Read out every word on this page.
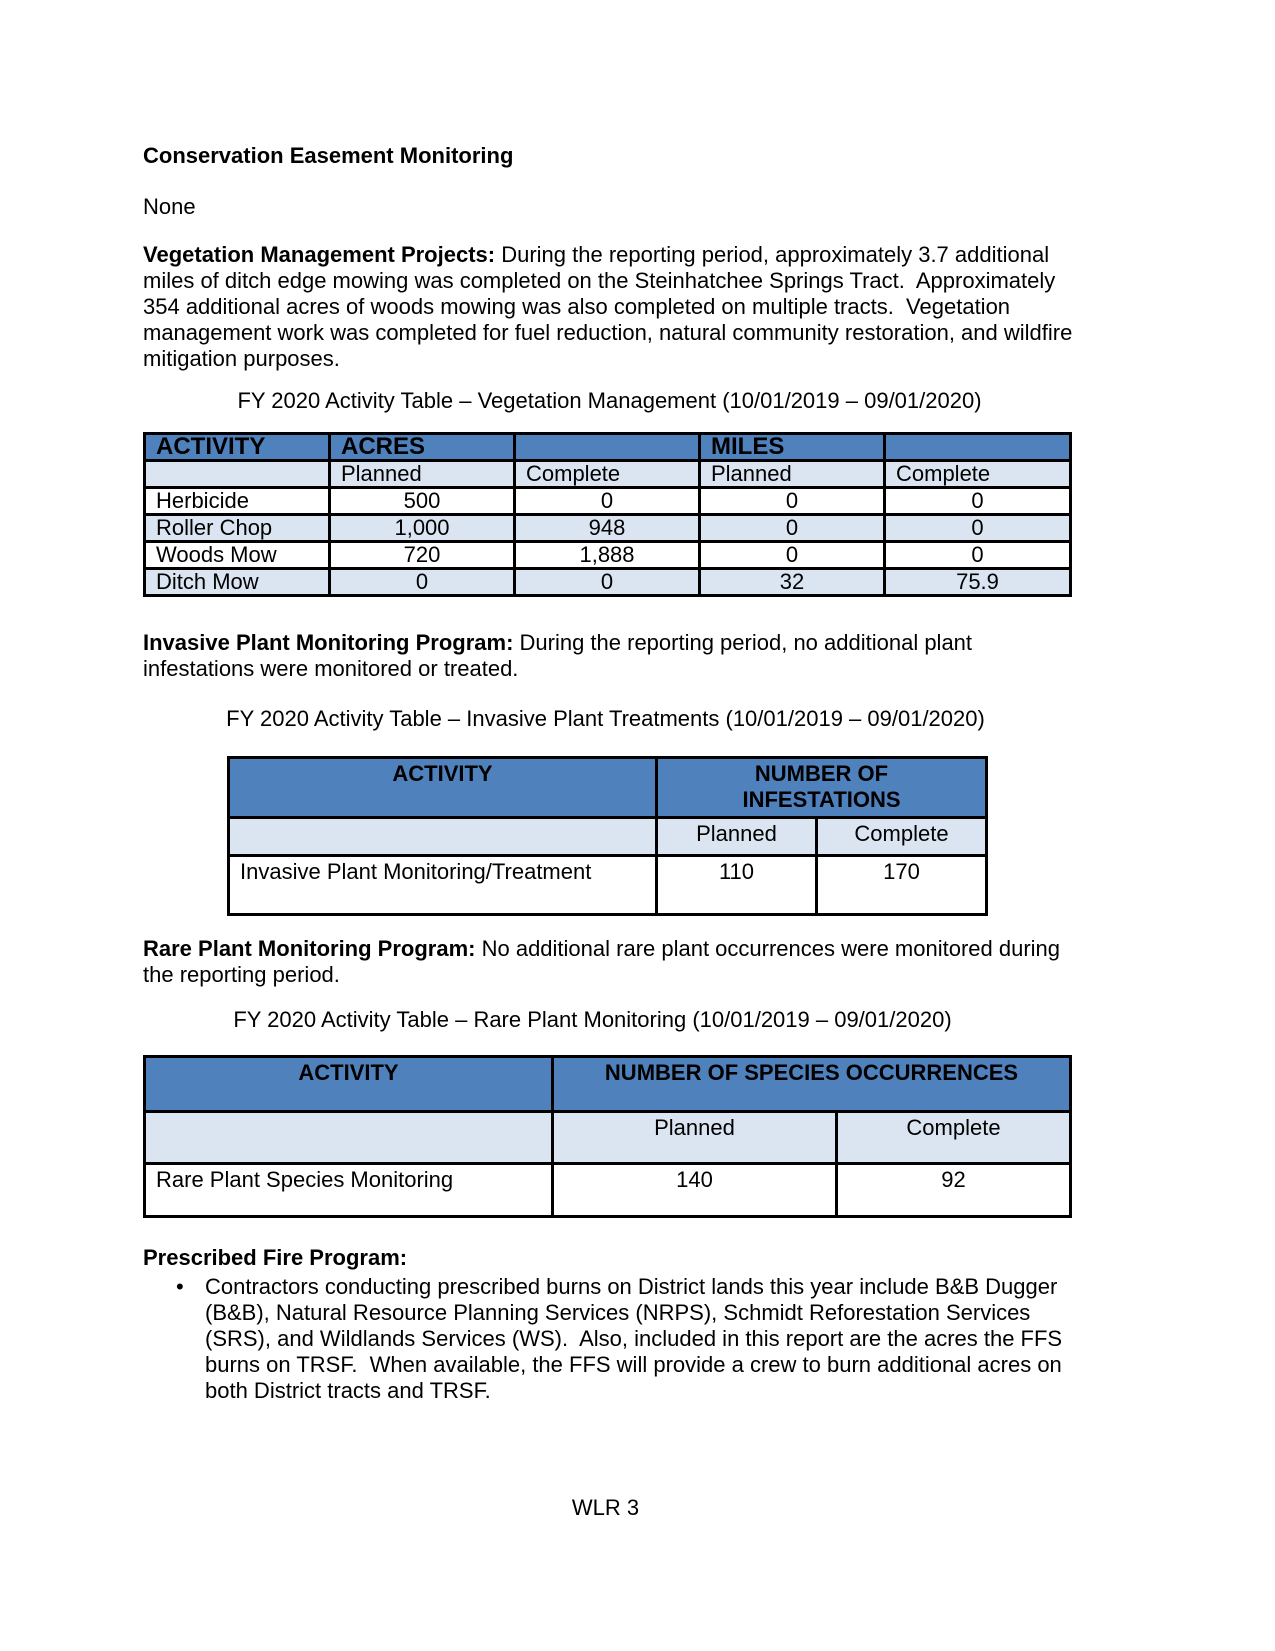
Conservation Easement Monitoring
None
Vegetation Management Projects: During the reporting period, approximately 3.7 additional
miles of ditch edge mowing was completed on the Steinhatchee Springs Tract.  Approximately
354 additional acres of woods mowing was also completed on multiple tracts.  Vegetation
management work was completed for fuel reduction, natural community restoration, and wildfire
mitigation purposes.
FY 2020 Activity Table – Vegetation Management (10/01/2019 – 09/01/2020)
ACTIVITY	ACRES		MILES	
	Planned	Complete	Planned	Complete
Herbicide	500	0	0	0
Roller Chop	1,000	948	0	0
Woods Mow	720	1,888	0	0
Ditch Mow	0	0	32	75.9
Invasive Plant Monitoring Program: During the reporting period, no additional plant
infestations were monitored or treated.
FY 2020 Activity Table – Invasive Plant Treatments (10/01/2019 – 09/01/2020)
ACTIVITY	NUMBER OF
INFESTATIONS	

	Planned	Complete
Invasive Plant Monitoring/Treatment	110	170
Rare Plant Monitoring Program: No additional rare plant occurrences were monitored during
the reporting period.
FY 2020 Activity Table – Rare Plant Monitoring (10/01/2019 – 09/01/2020)
ACTIVITY	NUMBER OF SPECIES OCCURRENCES	
	Planned	Complete
Rare Plant Species Monitoring	140	92
Prescribed Fire Program:
• Contractors conducting prescribed burns on District lands this year include B&B Dugger
(B&B), Natural Resource Planning Services (NRPS), Schmidt Reforestation Services
(SRS), and Wildlands Services (WS).  Also, included in this report are the acres the FFS
burns on TRSF.  When available, the FFS will provide a crew to burn additional acres on
both District tracts and TRSF.
WLR 3
